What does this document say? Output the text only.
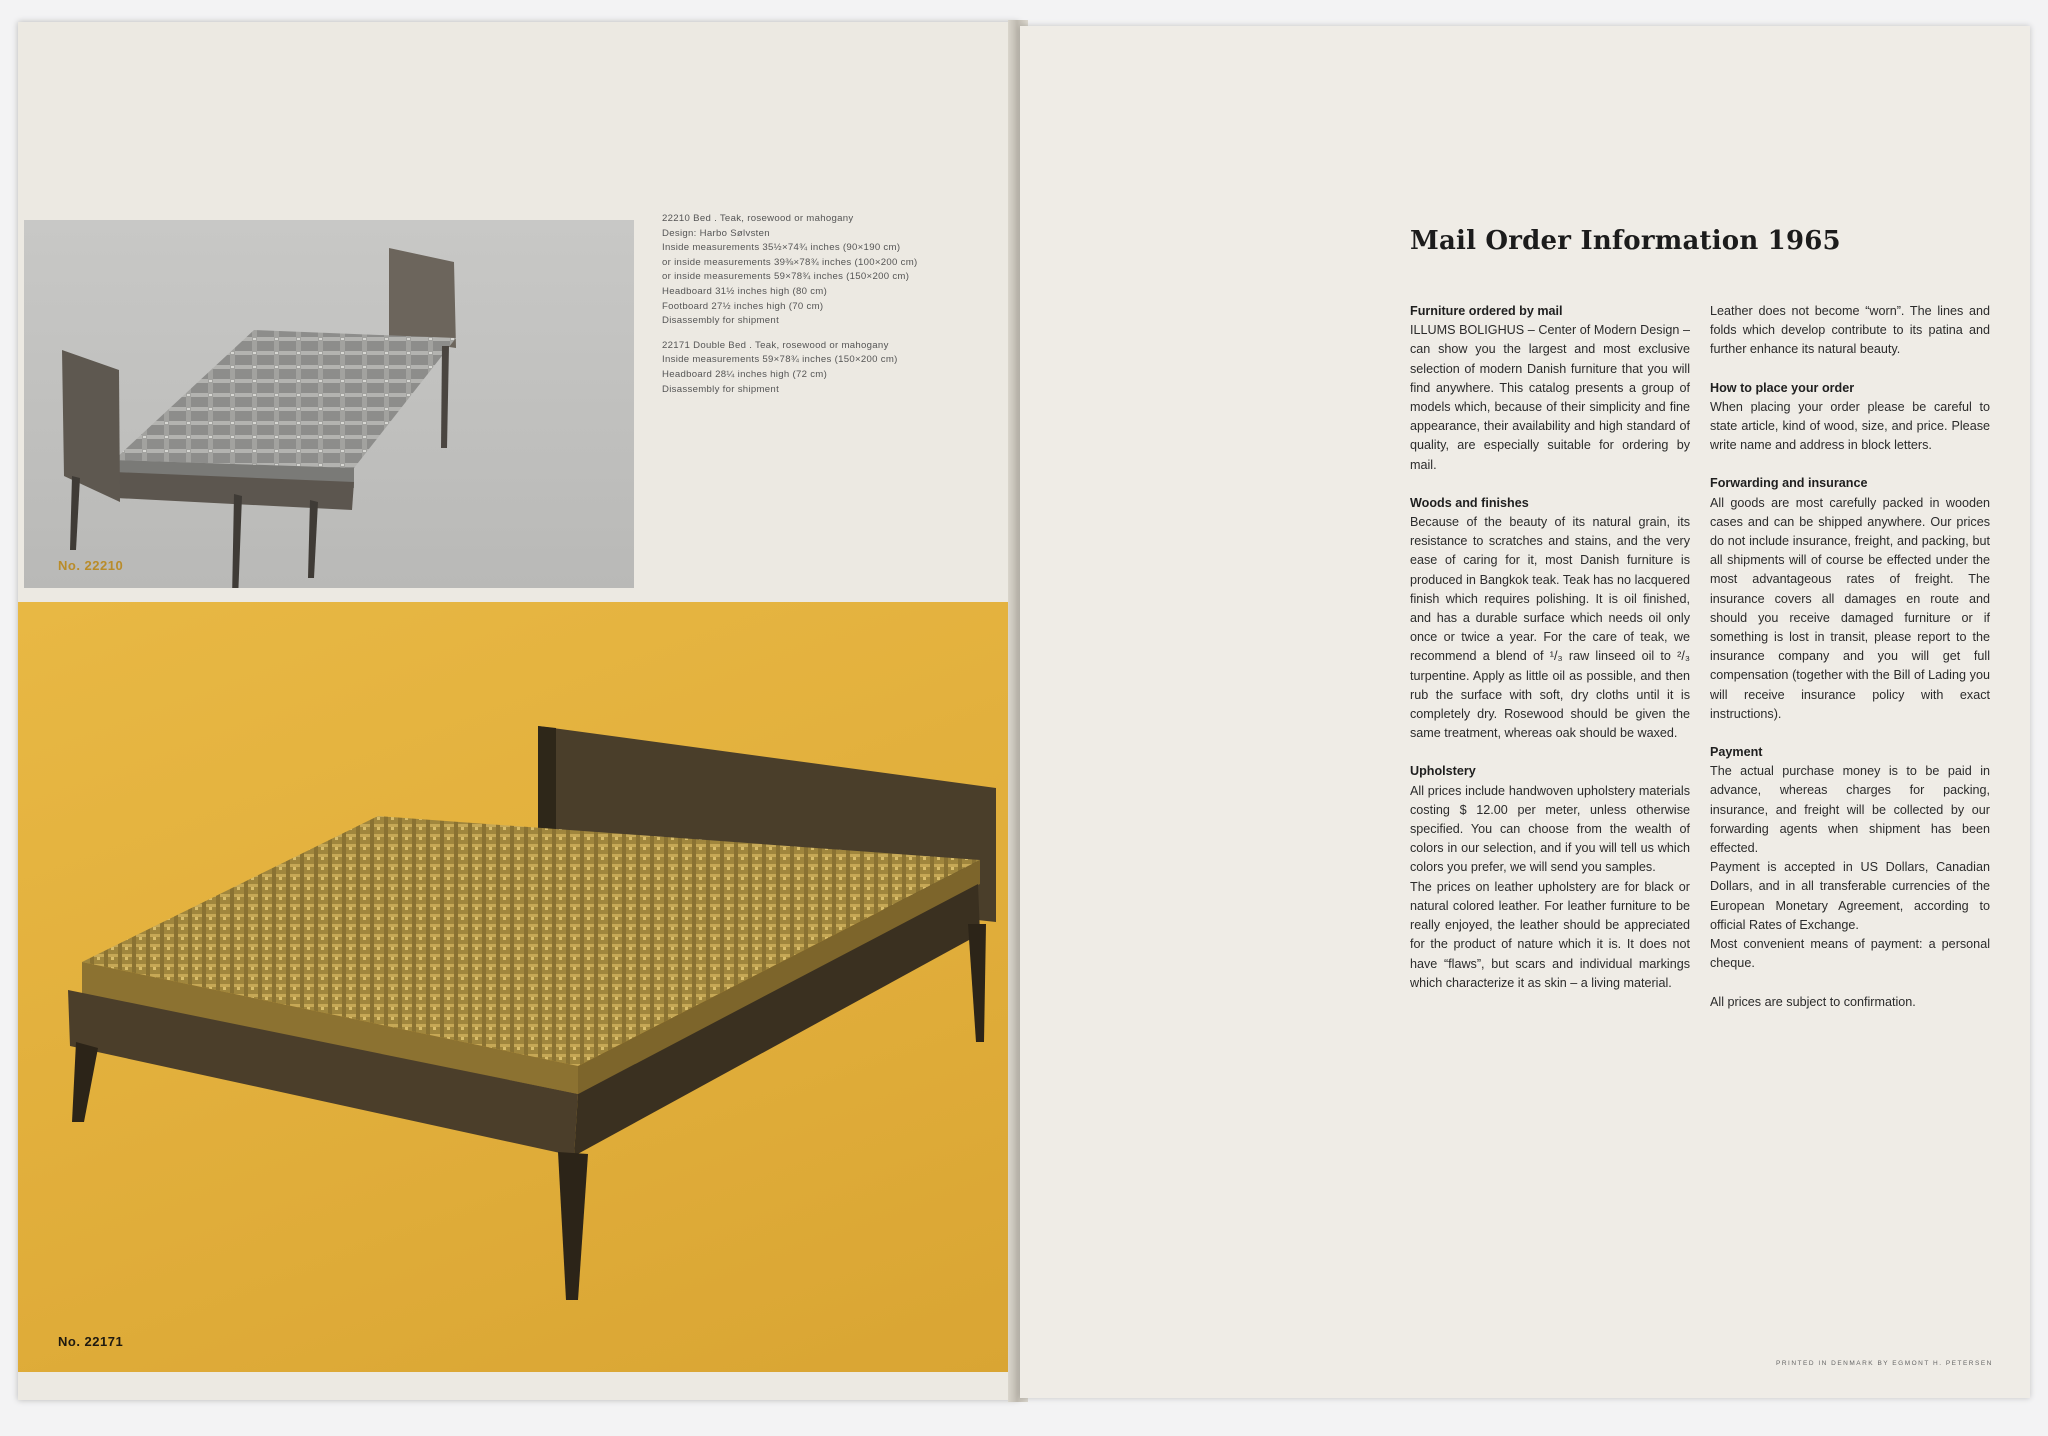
No. 22210
22210 Bed . Teak, rosewood or mahogany
Design: Harbo Sølvsten
Inside measurements 35½×74¾ inches (90×190 cm)
or inside measurements 39⅜×78¾ inches (100×200 cm)
or inside measurements 59×78¾ inches (150×200 cm)
Headboard 31½ inches high (80 cm)
Footboard 27½ inches high (70 cm)
Disassembly for shipment
22171 Double Bed . Teak, rosewood or mahogany
Inside measurements 59×78¾ inches (150×200 cm)
Headboard 28¼ inches high (72 cm)
Disassembly for shipment
No. 22171
Mail Order Information 1965
Furniture ordered by mail

ILLUMS BOLIGHUS – Center of Modern Design – can show you the largest and most exclusive selection of modern Danish furniture that you will find anywhere. This catalog presents a group of models which, because of their simplicity and fine appearance, their availability and high standard of quality, are especially suitable for ordering by mail.

Woods and finishes

Because of the beauty of its natural grain, its resistance to scratches and stains, and the very ease of caring for it, most Danish furniture is produced in Bangkok teak. Teak has no lacquered finish which requires polishing. It is oil finished, and has a durable surface which needs oil only once or twice a year. For the care of teak, we recommend a blend of ¹/₃ raw linseed oil to ²/₃ turpentine. Apply as little oil as possible, and then rub the surface with soft, dry cloths until it is completely dry. Rosewood should be given the same treatment, whereas oak should be waxed.

Upholstery

All prices include handwoven upholstery materials costing $ 12.00 per meter, unless otherwise specified. You can choose from the wealth of colors in our selection, and if you will tell us which colors you prefer, we will send you samples.

The prices on leather upholstery are for black or natural colored leather. For leather furniture to be really enjoyed, the leather should be appreciated for the product of nature which it is. It does not have “flaws”, but scars and individual markings which characterize it as skin – a living material.

Leather does not become “worn”. The lines and folds which develop contribute to its patina and further enhance its natural beauty.

How to place your order

When placing your order please be careful to state article, kind of wood, size, and price. Please write name and address in block letters.

Forwarding and insurance

All goods are most carefully packed in wooden cases and can be shipped anywhere. Our prices do not include insurance, freight, and packing, but all shipments will of course be effected under the most advantageous rates of freight. The insurance covers all damages en route and should you receive damaged furniture or if something is lost in transit, please report to the insurance company and you will get full compensation (together with the Bill of Lading you will receive insurance policy with exact instructions).

Payment

The actual purchase money is to be paid in advance, whereas charges for packing, insurance, and freight will be collected by our forwarding agents when shipment has been effected.

Payment is accepted in US Dollars, Canadian Dollars, and in all transferable currencies of the European Monetary Agreement, according to official Rates of Exchange.

Most convenient means of payment: a personal cheque.

All prices are subject to confirmation.

PRINTED IN DENMARK BY EGMONT H. PETERSEN
